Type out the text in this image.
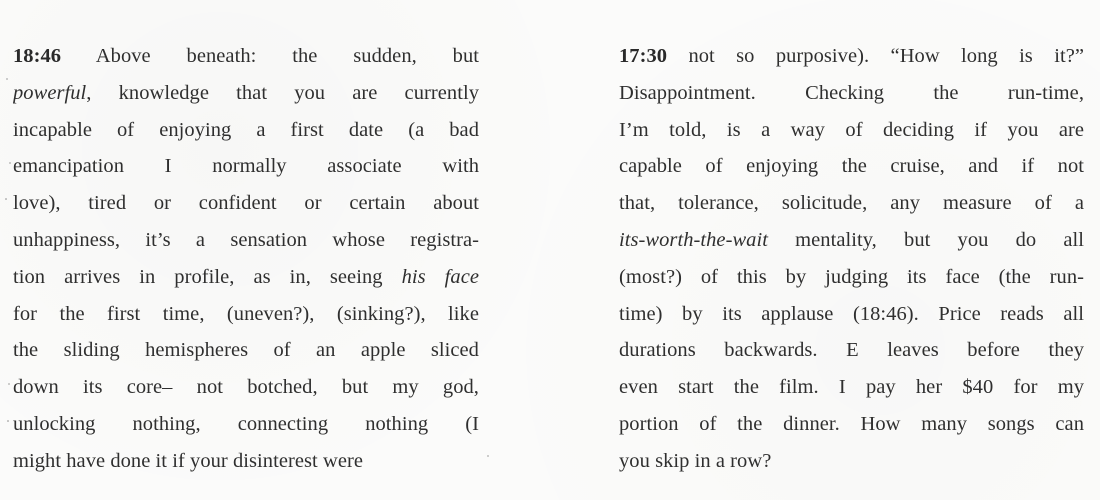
18:46 Above beneath: the sudden, but
powerful, knowledge that you are currently
incapable of enjoying a first date (a bad
emancipation I normally associate with
love), tired or confident or certain about
unhappiness, it’s a sensation whose registra-
tion arrives in profile, as in, seeing his face
for the first time, (uneven?), (sinking?), like
the sliding hemispheres of an apple sliced
down its core– not botched, but my god,
unlocking nothing, connecting nothing (I
might have done it if your disinterest were
17:30 not so purposive). “How long is it?”
Disappointment. Checking the run-time,
I’m told, is a way of deciding if you are
capable of enjoying the cruise, and if not
that, tolerance, solicitude, any measure of a
its-worth-the-wait mentality, but you do all
(most?) of this by judging its face (the run-
time) by its applause (18:46). Price reads all
durations backwards. E leaves before they
even start the film. I pay her $40 for my
portion of the dinner. How many songs can
you skip in a row?
